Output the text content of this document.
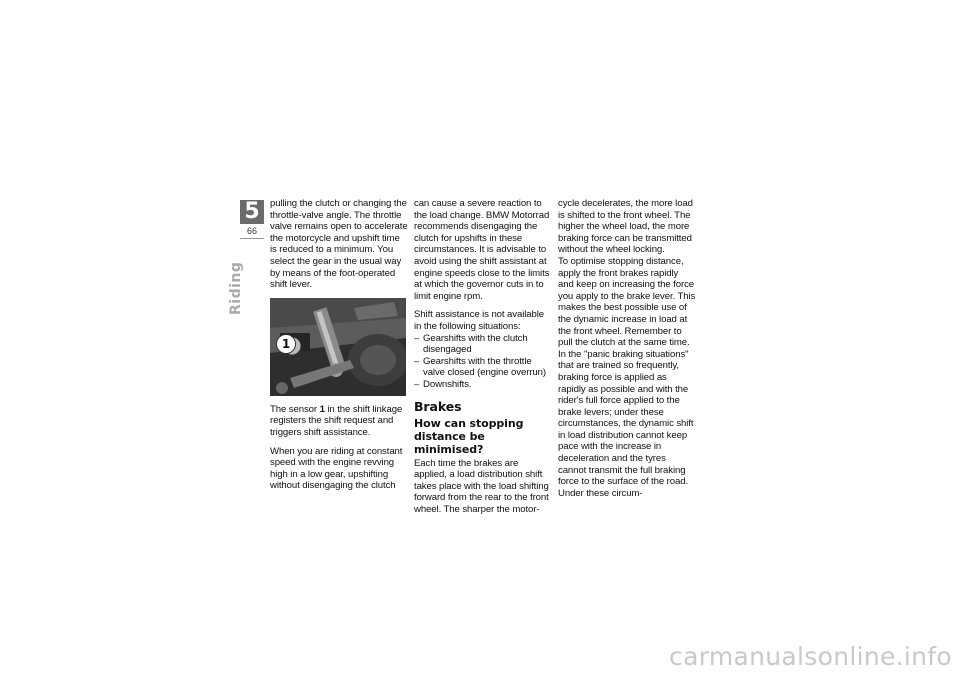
5
66
Riding

pulling the clutch or changing the throttle-valve angle. The throttle valve remains open to accelerate the motorcycle and upshift time is reduced to a minimum. You select the gear in the usual way by means of the foot-operated shift lever.

1

The sensor 1 in the shift linkage registers the shift request and triggers shift assistance.

When you are riding at constant speed with the engine revving high in a low gear, upshifting without disengaging the clutch

can cause a severe reaction to the load change. BMW Motorrad recommends disengaging the clutch for upshifts in these circumstances. It is advisable to avoid using the shift assistant at engine speeds close to the limits at which the governor cuts in to limit engine rpm.

Shift assistance is not available in the following situations:

– Gearshifts with the clutch disengaged
– Gearshifts with the throttle valve closed (engine overrun)
– Downshifts.
Brakes
How can stopping distance be minimised?

Each time the brakes are applied, a load distribution shift takes place with the load shifting forward from the rear to the front wheel. The sharper the motor-

cycle decelerates, the more load is shifted to the front wheel. The higher the wheel load, the more braking force can be transmitted without the wheel locking.

To optimise stopping distance, apply the front brakes rapidly and keep on increasing the force you apply to the brake lever. This makes the best possible use of the dynamic increase in load at the front wheel. Remember to pull the clutch at the same time. In the "panic braking situations" that are trained so frequently, braking force is applied as rapidly as possible and with the rider's full force applied to the brake levers; under these circumstances, the dynamic shift in load distribution cannot keep pace with the increase in deceleration and the tyres cannot transmit the full braking force to the surface of the road. Under these circum-

carmanualsonline.info
